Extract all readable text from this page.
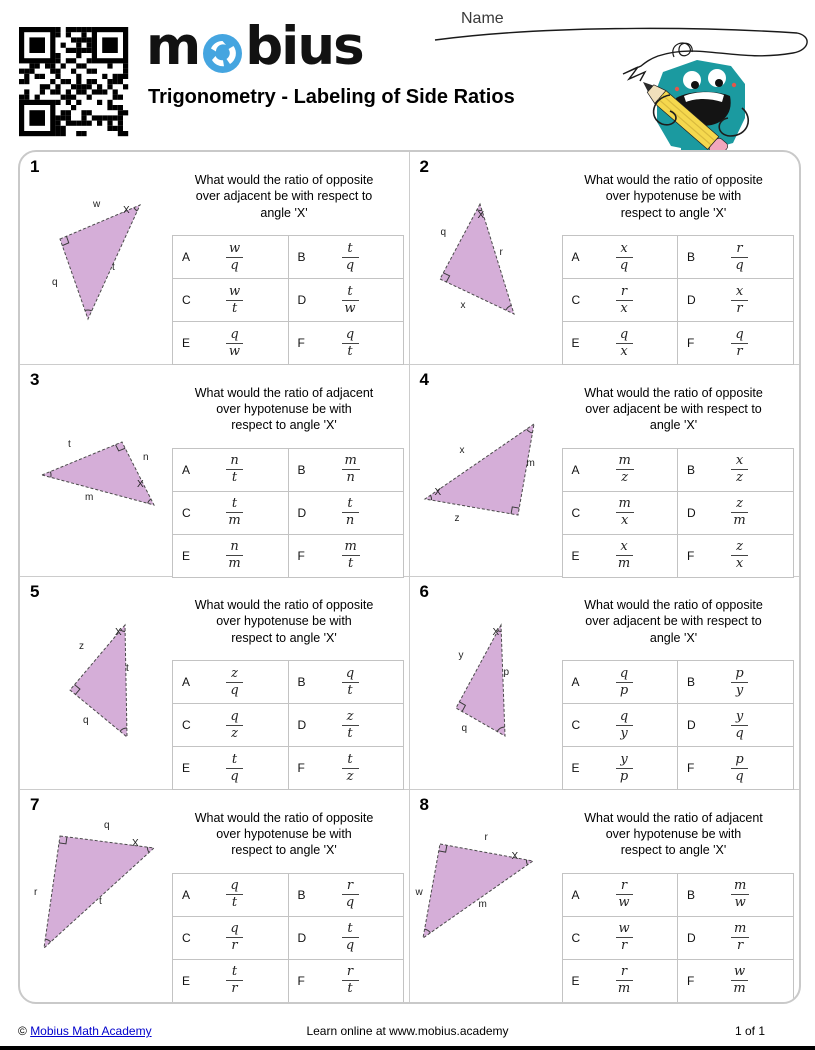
m bius
Trigonometry - Labeling of Side Ratios
Name
1
w
t
q
X
What would the ratio of opposite
over adjacent be with respect to
angle 'X'
A	$\frac{w}{q}$	B	$\frac{t}{q}$
C	$\frac{w}{t}$	D	$\frac{t}{w}$
E	$\frac{q}{w}$	F	$\frac{q}{t}$
2
q
r
x
X
What would the ratio of opposite
over hypotenuse be with
respect to angle 'X'
A	$\frac{x}{q}$	B	$\frac{r}{q}$
C	$\frac{r}{x}$	D	$\frac{x}{r}$
E	$\frac{q}{x}$	F	$\frac{q}{r}$
3
t
n
m
X
What would the ratio of adjacent
over hypotenuse be with
respect to angle 'X'
A	$\frac{n}{t}$	B	$\frac{m}{n}$
C	$\frac{t}{m}$	D	$\frac{t}{n}$
E	$\frac{n}{m}$	F	$\frac{m}{t}$
4
x
m
z
X
What would the ratio of opposite
over adjacent be with respect to
angle 'X'
A	$\frac{m}{z}$	B	$\frac{x}{z}$
C	$\frac{m}{x}$	D	$\frac{z}{m}$
E	$\frac{x}{m}$	F	$\frac{z}{x}$
5
z
t
q
X
What would the ratio of opposite
over hypotenuse be with
respect to angle 'X'
A	$\frac{z}{q}$	B	$\frac{q}{t}$
C	$\frac{q}{z}$	D	$\frac{z}{t}$
E	$\frac{t}{q}$	F	$\frac{t}{z}$
6
y
p
q
X
What would the ratio of opposite
over adjacent be with respect to
angle 'X'
A	$\frac{q}{p}$	B	$\frac{p}{y}$
C	$\frac{q}{y}$	D	$\frac{y}{q}$
E	$\frac{y}{p}$	F	$\frac{p}{q}$
7
q
r
t
X
What would the ratio of opposite
over hypotenuse be with
respect to angle 'X'
A	$\frac{q}{t}$	B	$\frac{r}{q}$
C	$\frac{q}{r}$	D	$\frac{t}{q}$
E	$\frac{t}{r}$	F	$\frac{r}{t}$
8
r
w
m
X
What would the ratio of adjacent
over hypotenuse be with
respect to angle 'X'
A	$\frac{r}{w}$	B	$\frac{m}{w}$
C	$\frac{w}{r}$	D	$\frac{m}{r}$
E	$\frac{r}{m}$	F	$\frac{w}{m}$
© Mobius Math Academy	Learn online at www.mobius.academy	1 of 1
